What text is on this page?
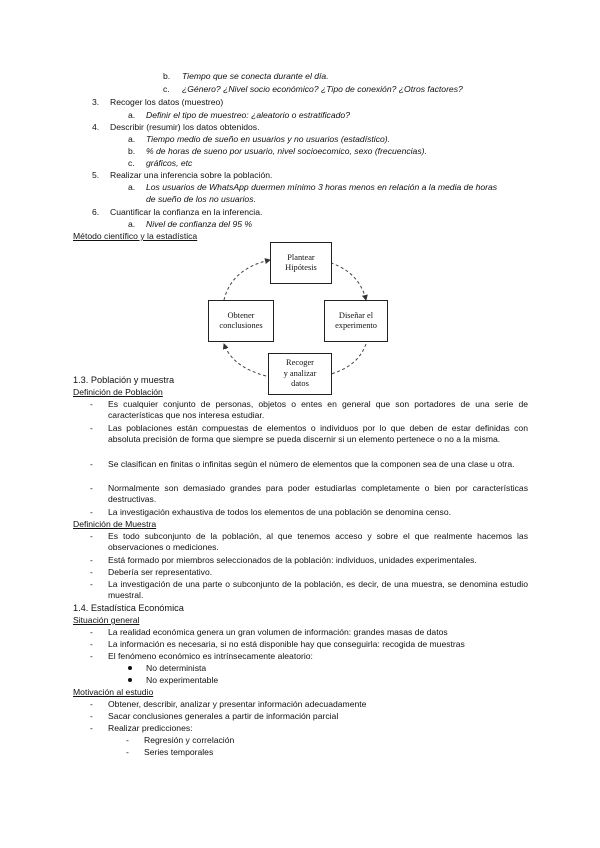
b. Tiempo que se conecta durante el día.
c. ¿Género? ¿Nivel socio económico? ¿Tipo de conexión? ¿Otros factores?
3. Recoger los datos (muestreo)
a. Definir el tipo de muestreo: ¿aleatorio o estratificado?
4. Describir (resumir) los datos obtenidos.
a. Tiempo medio de sueño en usuarios y no usuarios (estadístico).
b. % de horas de sueno por usuario, nivel socioecomico, sexo (frecuencias).
c. gráficos, etc
5. Realizar una inferencia sobre la población.
a. Los usuarios de WhatsApp duermen mínimo 3 horas menos en relación a la media de horas
de sueño de los no usuarios.
6. Cuantificar la confianza en la inferencia.
a. Nivel de confianza del 95 %
Método científico y la estadística
Plantear
Hipótesis
Diseñar el
experimento
Recoger
y analizar
datos
Obtener
conclusiones
1.3. Población y muestra
Definición de Población
- Es cualquier conjunto de personas, objetos o entes en general que son portadores de una serie de características que nos interesa estudiar.
- Las poblaciones están compuestas de elementos o individuos por lo que deben de estar definidas con absoluta precisión de forma que siempre se pueda discernir si un elemento pertenece o no a la misma.
- Se clasifican en finitas o infinitas según el número de elementos que la componen sea de una clase u otra.
- Normalmente son demasiado grandes para poder estudiarlas completamente o bien por características destructivas.
- La investigación exhaustiva de todos los elementos de una población se denomina censo.
Definición de Muestra
- Es todo subconjunto de la población, al que tenemos acceso y sobre el que realmente hacemos las observaciones o mediciones.
- Está formado por miembros seleccionados de la población: individuos, unidades experimentales.
- Debería ser representativo.
- La investigación de una parte o subconjunto de la población, es decir, de una muestra, se denomina estudio muestral.
1.4. Estadística Económica
Situación general
- La realidad económica genera un gran volumen de información: grandes masas de datos
- La información es necesaria, si no está disponible hay que conseguirla: recogida de muestras
- El fenómeno económico es intrínsecamente aleatorio:
No determinista
No experimentable
Motivación al estudio
- Obtener, describir, analizar y presentar información adecuadamente
- Sacar conclusiones generales a partir de información parcial
- Realizar predicciones:
- Regresión y correlación
- Series temporales
